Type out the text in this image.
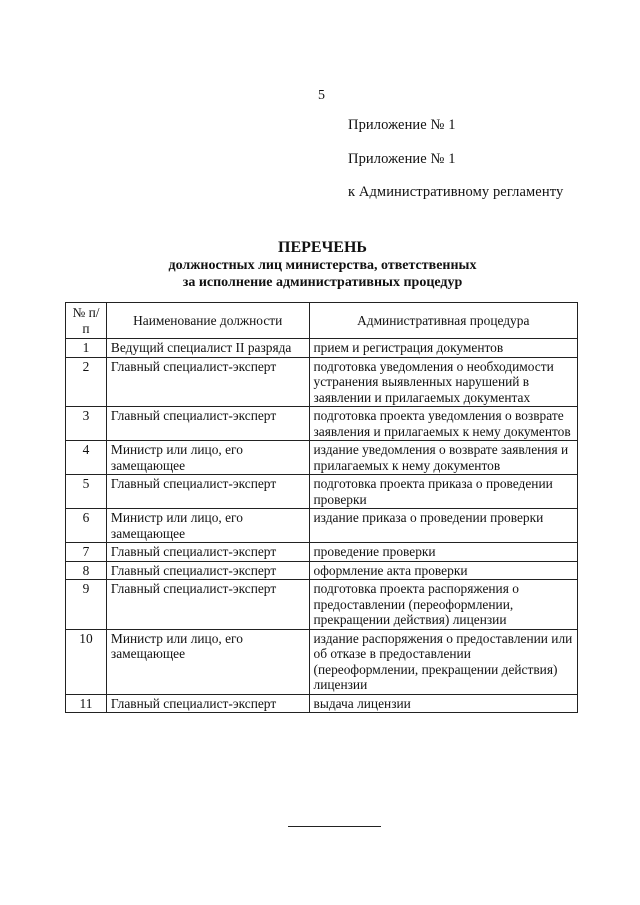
5
Приложение № 1
Приложение № 1
к Административному регламенту
ПЕРЕЧЕНЬ
должностных лиц министерства, ответственных
за исполнение административных процедур
№ п/п	Наименование должности	Административная процедура
1	Ведущий специалист II разряда	прием и регистрация документов
2	Главный специалист-эксперт	подготовка уведомления о необходимости устранения выявленных нарушений в заявлении и прилагаемых документах
3	Главный специалист-эксперт	подготовка проекта уведомления о возврате заявления и прилагаемых к нему документов
4	Министр или лицо, его замещающее	издание уведомления о возврате заявления и прилагаемых к нему документов
5	Главный специалист-эксперт	подготовка проекта приказа о проведении проверки
6	Министр или лицо, его замещающее	издание приказа о проведении проверки
7	Главный специалист-эксперт	проведение проверки
8	Главный специалист-эксперт	оформление акта проверки
9	Главный специалист-эксперт	подготовка проекта распоряжения о предоставлении (переоформлении, прекращении действия) лицензии
10	Министр или лицо, его замещающее	издание распоряжения о предоставлении или об отказе в предоставлении (переоформлении, прекращении действия) лицензии
11	Главный специалист-эксперт	выдача лицензии
